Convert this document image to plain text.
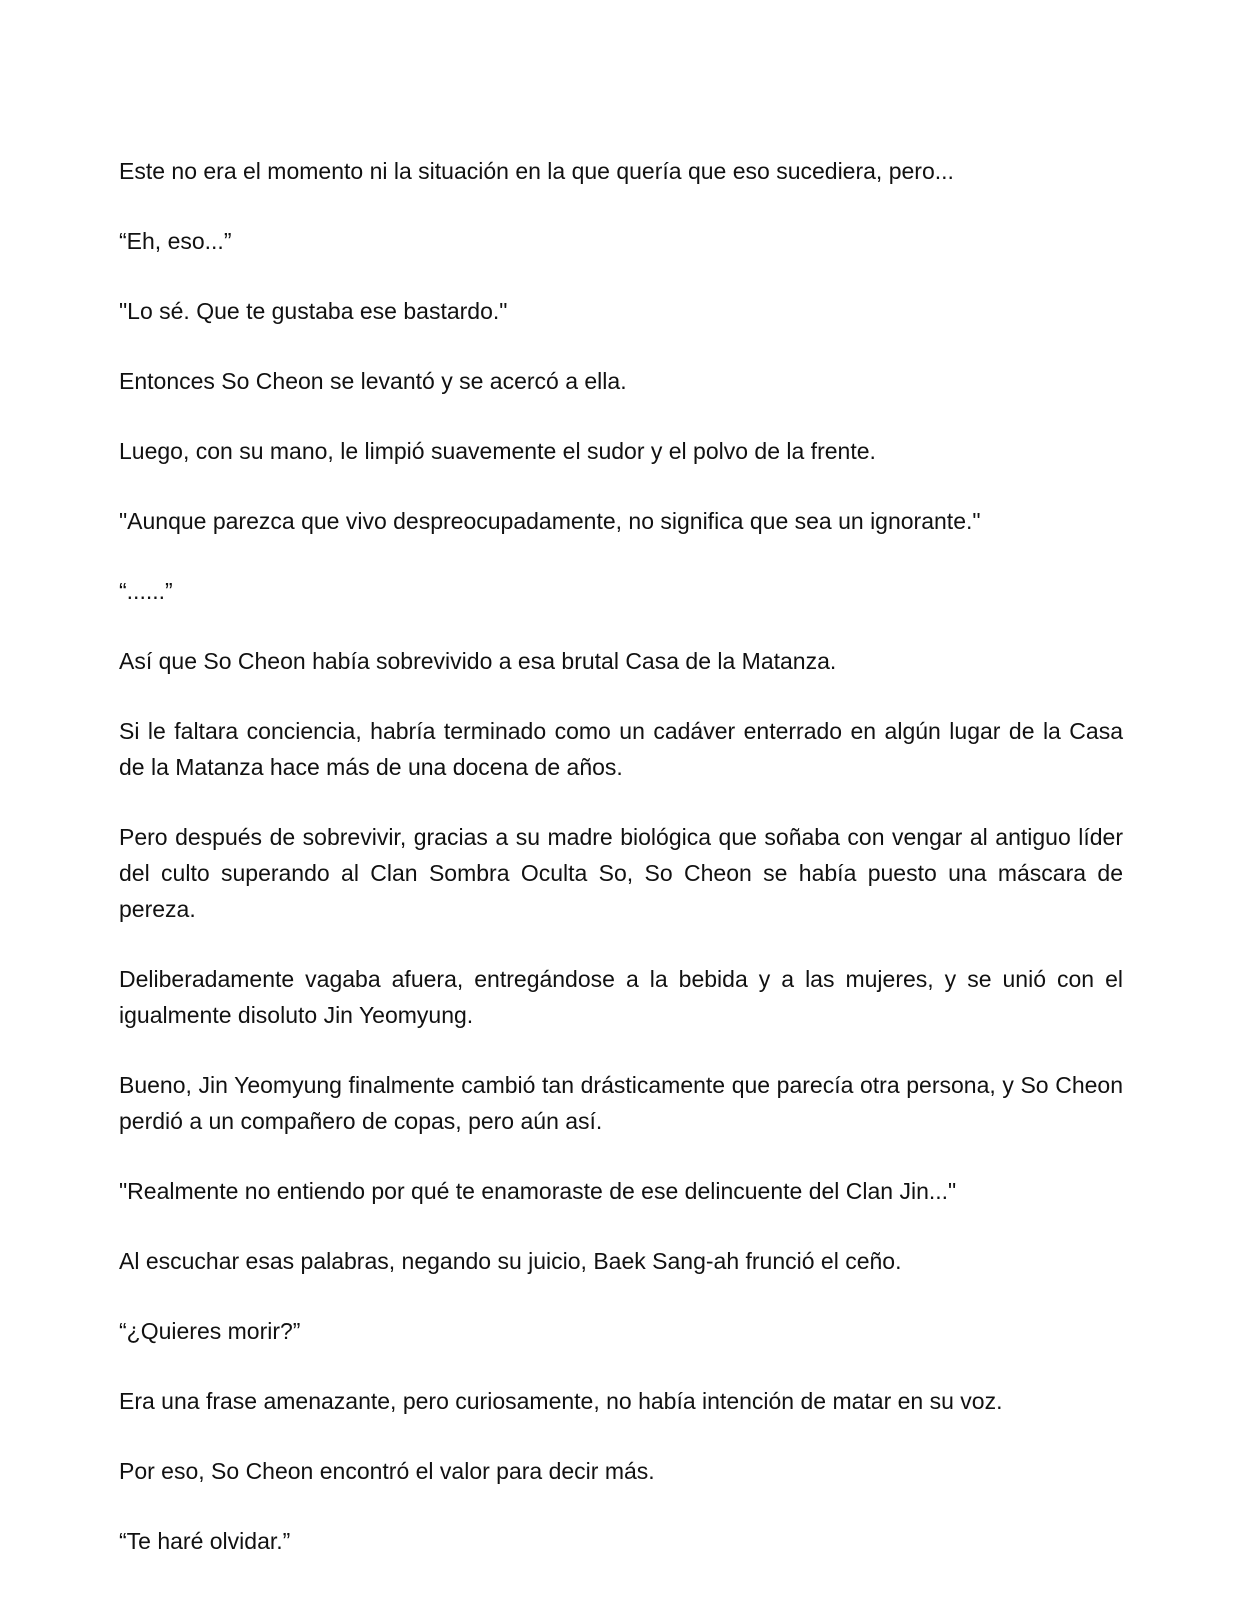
Este no era el momento ni la situación en la que quería que eso sucediera, pero...

“Eh, eso...”

"Lo sé. Que te gustaba ese bastardo."

Entonces So Cheon se levantó y se acercó a ella.

Luego, con su mano, le limpió suavemente el sudor y el polvo de la frente.

"Aunque parezca que vivo despreocupadamente, no significa que sea un ignorante."

“......”

Así que So Cheon había sobrevivido a esa brutal Casa de la Matanza.

Si le faltara conciencia, habría terminado como un cadáver enterrado en algún lugar de la Casa de la Matanza hace más de una docena de años.

Pero después de sobrevivir, gracias a su madre biológica que soñaba con vengar al antiguo líder del culto superando al Clan Sombra Oculta So, So Cheon se había puesto una máscara de pereza.

Deliberadamente vagaba afuera, entregándose a la bebida y a las mujeres, y se unió con el igualmente disoluto Jin Yeomyung.

Bueno, Jin Yeomyung finalmente cambió tan drásticamente que parecía otra persona, y So Cheon perdió a un compañero de copas, pero aún así.

"Realmente no entiendo por qué te enamoraste de ese delincuente del Clan Jin..."

Al escuchar esas palabras, negando su juicio, Baek Sang-ah frunció el ceño.

“¿Quieres morir?”

Era una frase amenazante, pero curiosamente, no había intención de matar en su voz.

Por eso, So Cheon encontró el valor para decir más.

“Te haré olvidar.”
